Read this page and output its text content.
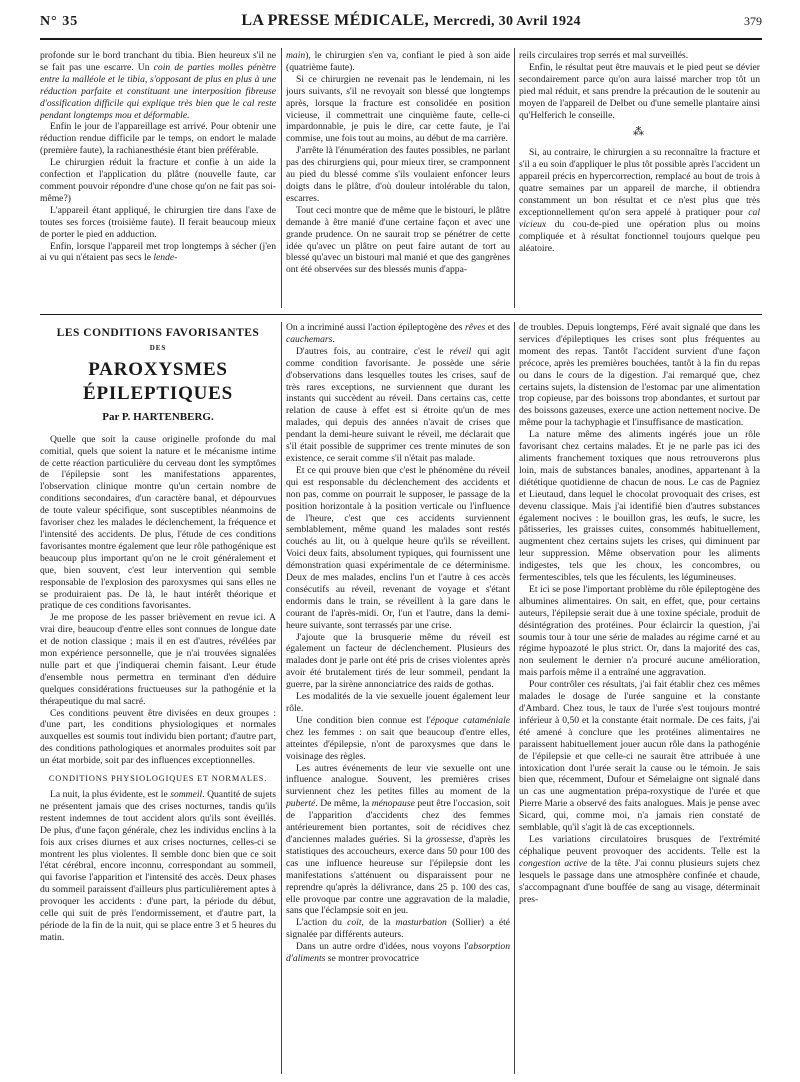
N° 35	LA PRESSE MÉDICALE, Mercredi, 30 Avril 1924	379

profonde sur le bord tranchant du tibia. Bien heureux s'il ne se fait pas une escarre. Un coin de parties molles pénètre entre la malléole et le tibia, s'opposant de plus en plus à une réduction parfaite et constituant une interposition fibreuse d'ossification difficile qui explique très bien que le cal reste pendant longtemps mou et déformable.

Enfin le jour de l'appareillage est arrivé. Pour obtenir une réduction rendue difficile par le temps, on endort le malade (première faute), la rachianesthésie étant bien préférable.

Le chirurgien réduit la fracture et confie à un aide la confection et l'application du plâtre (nouvelle faute, car comment pouvoir répondre d'une chose qu'on ne fait pas soi-même?)

L'appareil étant appliqué, le chirurgien tire dans l'axe de toutes ses forces (troisième faute). Il ferait beaucoup mieux de porter le pied en adduction.

Enfin, lorsque l'appareil met trop longtemps à sécher (j'en ai vu qui n'étaient pas secs le lende-

main), le chirurgien s'en va, confiant le pied à son aide (quatrième faute).

Si ce chirurgien ne revenait pas le lendemain, ni les jours suivants, s'il ne revoyait son blessé que longtemps après, lorsque la fracture est consolidée en position vicieuse, il commettrait une cinquième faute, celle-ci impardonnable, je puis le dire, car cette faute, je l'ai commise, une fois tout au moins, au début de ma carrière.

J'arrête là l'énumération des fautes possibles, ne parlant pas des chirurgiens qui, pour mieux tirer, se cramponnent au pied du blessé comme s'ils voulaient enfoncer leurs doigts dans le plâtre, d'où douleur intolérable du talon, escarres.

Tout ceci montre que de même que le bistouri, le plâtre demande à être manié d'une certaine façon et avec une grande prudence. On ne saurait trop se pénétrer de cette idée qu'avec un plâtre on peut faire autant de tort au blessé qu'avec un bistouri mal manié et que des gangrènes ont été observées sur des blessés munis d'appa-

reils circulaires trop serrés et mal surveillés.

Enfin, le résultat peut être mauvais et le pied peut se dévier secondairement parce qu'on aura laissé marcher trop tôt un pied mal réduit, et sans prendre la précaution de le soutenir au moyen de l'appareil de Delbet ou d'une semelle plantaire ainsi qu'Helferich le conseille.

⁂

Si, au contraire, le chirurgien a su reconnaître la fracture et s'il a eu soin d'appliquer le plus tôt possible après l'accident un appareil précis en hypercorrection, remplacé au bout de trois à quatre semaines par un appareil de marche, il obtiendra constamment un bon résultat et ce n'est plus que très exceptionnellement qu'on sera appelé à pratiquer pour cal vicieux du cou-de-pied une opération plus ou moins compliquée et à résultat fonctionnel toujours quelque peu aléatoire.

LES CONDITIONS FAVORISANTES
DES
PAROXYSMES ÉPILEPTIQUES
Par P. HARTENBERG.

Quelle que soit la cause originelle profonde du mal comitial, quels que soient la nature et le mécanisme intime de cette réaction particulière du cerveau dont les symptômes de l'épilepsie sont les manifestations apparentes, l'observation clinique montre qu'un certain nombre de conditions secondaires, d'un caractère banal, et dépourvues de toute valeur spécifique, sont susceptibles néanmoins de favoriser chez les malades le déclenchement, la fréquence et l'intensité des accidents. De plus, l'étude de ces conditions favorisantes montre également que leur rôle pathogénique est beaucoup plus important qu'on ne le croit généralement et que, bien souvent, c'est leur intervention qui semble responsable de l'explosion des paroxysmes qui sans elles ne se produiraient pas. De là, le haut intérêt théorique et pratique de ces conditions favorisantes.

Je me propose de les passer brièvement en revue ici. A vrai dire, beaucoup d'entre elles sont connues de longue date et de notion classique ; mais il en est d'autres, révélées par mon expérience personnelle, que je n'ai trouvées signalées nulle part et que j'indiquerai chemin faisant. Leur étude d'ensemble nous permettra en terminant d'en déduire quelques considérations fructueuses sur la pathogénie et la thérapeutique du mal sacré.

Ces conditions peuvent être divisées en deux groupes : d'une part, les conditions physiologiques et normales auxquelles est soumis tout individu bien portant; d'autre part, des conditions pathologiques et anormales produites soit par un état morbide, soit par des influences exceptionnelles.

CONDITIONS PHYSIOLOGIQUES ET NORMALES.

La nuit, la plus évidente, est le sommeil. Quantité de sujets ne présentent jamais que des crises nocturnes, tandis qu'ils restent indemnes de tout accident alors qu'ils sont éveillés. De plus, d'une façon générale, chez les individus enclins à la fois aux crises diurnes et aux crises nocturnes, celles-ci se montrent les plus violentes. Il semble donc bien que ce soit l'état cérébral, encore inconnu, correspondant au sommeil, qui favorise l'apparition et l'intensité des accès. Deux phases du sommeil paraissent d'ailleurs plus particulièrement aptes à provoquer les accidents : d'une part, la période du début, celle qui suit de près l'endormissement, et d'autre part, la période de la fin de la nuit, qui se place entre 3 et 5 heures du matin.

On a incriminé aussi l'action épileptogène des rêves et des cauchemars.

D'autres fois, au contraire, c'est le réveil qui agit comme condition favorisante. Je possède une série d'observations dans lesquelles toutes les crises, sauf de très rares exceptions, ne surviennent que durant les instants qui succèdent au réveil. Dans certains cas, cette relation de cause à effet est si étroite qu'un de mes malades, qui depuis des années n'avait de crises que pendant la demi-heure suivant le réveil, me déclarait que s'il était possible de supprimer ces trente minutes de son existence, ce serait comme s'il n'était pas malade.

Et ce qui prouve bien que c'est le phénomène du réveil qui est responsable du déclenchement des accidents et non pas, comme on pourrait le supposer, le passage de la position horizontale à la position verticale ou l'influence de l'heure, c'est que ces accidents surviennent semblablement, même quand les malades sont restés couchés au lit, ou à quelque heure qu'ils se réveillent. Voici deux faits, absolument typiques, qui fournissent une démonstration quasi expérimentale de ce déterminisme. Deux de mes malades, enclins l'un et l'autre à ces accès consécutifs au réveil, revenant de voyage et s'étant endormis dans le train, se réveillent à la gare dans le courant de l'après-midi. Or, l'un et l'autre, dans la demi-heure suivante, sont terrassés par une crise.

J'ajoute que la brusquerie même du réveil est également un facteur de déclenchement. Plusieurs des malades dont je parle ont été pris de crises violentes après avoir été brutalement tirés de leur sommeil, pendant la guerre, par la sirène annonciatrice des raids de gothas.

Les modalités de la vie sexuelle jouent également leur rôle.

Une condition bien connue est l'époque cataméniale chez les femmes : on sait que beaucoup d'entre elles, atteintes d'épilepsie, n'ont de paroxysmes que dans le voisinage des règles.

Les autres événements de leur vie sexuelle ont une influence analogue. Souvent, les premières crises surviennent chez les petites filles au moment de la puberté. De même, la ménopause peut être l'occasion, soit de l'apparition d'accidents chez des femmes antérieurement bien portantes, soit de récidives chez d'anciennes malades guéries. Si la grossesse, d'après les statistiques des accoucheurs, exerce dans 50 pour 100 des cas une influence heureuse sur l'épilepsie dont les manifestations s'atténuent ou disparaissent pour ne reprendre qu'après la délivrance, dans 25 p. 100 des cas, elle provoque par contre une aggravation de la maladie, sans que l'éclampsie soit en jeu.

L'action du coït, de la masturbation (Sollier) a été signalée par différents auteurs.

Dans un autre ordre d'idées, nous voyons l'absorption d'aliments se montrer provocatrice

de troubles. Depuis longtemps, Féré avait signalé que dans les services d'épileptiques les crises sont plus fréquentes au moment des repas. Tantôt l'accident survient d'une façon précoce, après les premières bouchées, tantôt à la fin du repas ou dans le cours de la digestion. J'ai remarqué que, chez certains sujets, la distension de l'estomac par une alimentation trop copieuse, par des boissons trop abondantes, et surtout par des boissons gazeuses, exerce une action nettement nocive. De même pour la tachyphagie et l'insuffisance de mastication.

La nature même des aliments ingérés joue un rôle favorisant chez certains malades. Et je ne parle pas ici des aliments franchement toxiques que nous retrouverons plus loin, mais de substances banales, anodines, appartenant à la diététique quotidienne de chacun de nous. Le cas de Pagniez et Lieutaud, dans lequel le chocolat provoquait des crises, est devenu classique. Mais j'ai identifié bien d'autres substances également nocives : le bouillon gras, les œufs, le sucre, les pâtisseries, les graisses cuites, consommés habituellement, augmentent chez certains sujets les crises, qui diminuent par leur suppression. Même observation pour les aliments indigestes, tels que les choux, les concombres, ou fermentescibles, tels que les féculents, les légumineuses.

Et ici se pose l'important problème du rôle épileptogène des albumines alimentaires. On sait, en effet, que, pour certains auteurs, l'épilepsie serait due à une toxine spéciale, produit de désintégration des protéines. Pour éclaircir la question, j'ai soumis tour à tour une série de malades au régime carné et au régime hypoazoté le plus strict. Or, dans la majorité des cas, non seulement le dernier n'a procuré aucune amélioration, mais parfois même il a entraîné une aggravation.

Pour contrôler ces résultats, j'ai fait établir chez ces mêmes malades le dosage de l'urée sanguine et la constante d'Ambard. Chez tous, le taux de l'urée s'est toujours montré inférieur à 0,50 et la constante était normale. De ces faits, j'ai été amené à conclure que les protéines alimentaires ne paraissent habituellement jouer aucun rôle dans la pathogénie de l'épilepsie et que celle-ci ne saurait être attribuée à une intoxication dont l'urée serait la cause ou le témoin. Je sais bien que, récemment, Dufour et Sémelaigne ont signalé dans un cas une augmentation prépa-roxystique de l'urée et que Pierre Marie a observé des faits analogues. Mais je pense avec Sicard, qui, comme moi, n'a jamais rien constaté de semblable, qu'il s'agit là de cas exceptionnels.

Les variations circulatoires brusques de l'extrémité céphalique peuvent provoquer des accidents. Telle est la congestion active de la tête. J'ai connu plusieurs sujets chez lesquels le passage dans une atmosphère confinée et chaude, s'accompagnant d'une bouffée de sang au visage, déterminait pres-
